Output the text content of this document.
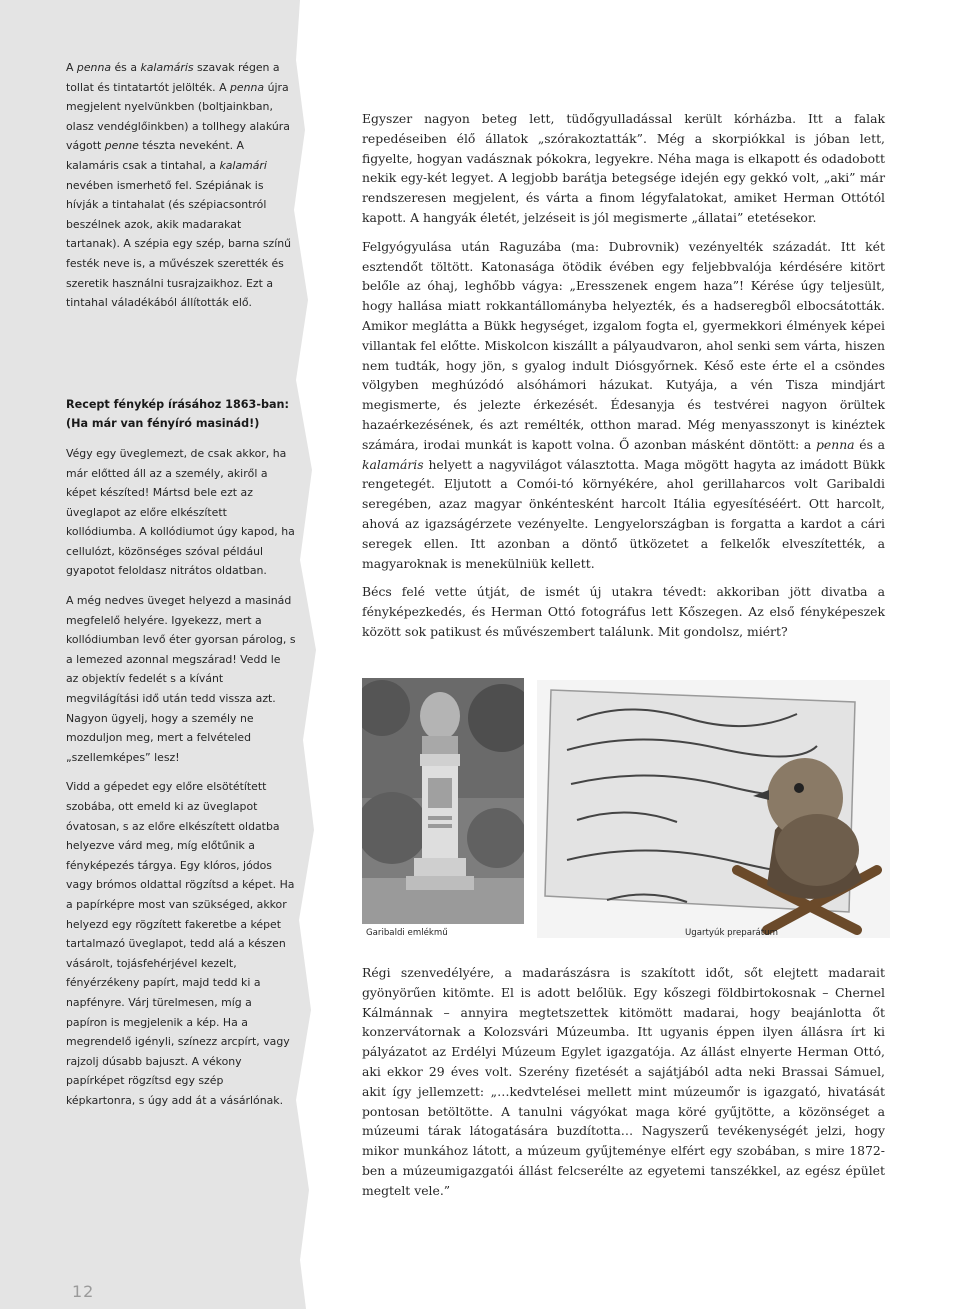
A penna és a kalamáris szavak régen a tollat és tintatartót jelölték. A penna újra megjelent nyelvünkben (boltjainkban, olasz vendéglőinkben) a tollhegy alakúra vágott penne tészta neveként. A kalamáris csak a tintahal, a kalamári nevében ismerhető fel. Szépiának is hívják a tintahalat (és szépiacsontról beszélnek azok, akik madarakat tartanak). A szépia egy szép, barna színű festék neve is, a művészek szerették és szeretik használni tusrajzaikhoz. Ezt a tintahal váladékából állították elő.

Recept fénykép írásához 1863-ban:
(Ha már van fényíró masinád!)

Végy egy üveglemezt, de csak akkor, ha már előtted áll az a személy, akiről a képet készíted! Mártsd bele ezt az üveglapot az előre elkészített kollódiumba. A kollódiumot úgy kapod, ha cellulózt, közönséges szóval például gyapotot feloldasz nitrátos oldatban.

A még nedves üveget helyezd a masinád megfelelő helyére. Igyekezz, mert a kollódiumban levő éter gyorsan párolog, s a lemezed azonnal megszárad! Vedd le az objektív fedelét s a kívánt megvilágítási idő után tedd vissza azt. Nagyon ügyelj, hogy a személy ne mozduljon meg, mert a felvételed „szellemképes” lesz!

Vidd a gépedet egy előre elsötétített szobába, ott emeld ki az üveglapot óvatosan, s az előre elkészített oldatba helyezve várd meg, míg előtűnik a fényképezés tárgya. Egy klóros, jódos vagy brómos oldattal rögzítsd a képet. Ha a papírképre most van szükséged, akkor helyezd egy rögzített fakeretbe a képet tartalmazó üveglapot, tedd alá a készen vásárolt, tojásfehérjével kezelt, fényérzékeny papírt, majd tedd ki a napfényre. Várj türelmesen, míg a papíron is megjelenik a kép. Ha a megrendelő igényli, színezz arcpírt, vagy rajzolj dúsabb bajuszt. A vékony papírképet rögzítsd egy szép képkartonra, s úgy add át a vásárlónak.

Egyszer nagyon beteg lett, tüdőgyulladással került kórházba. Itt a falak repedéseiben élő állatok „szórakoztatták”. Még a skorpiókkal is jóban lett, figyelte, hogyan vadásznak pókokra, legyekre. Néha maga is elkapott és odadobott nekik egy-két legyet. A legjobb barátja betegsége idején egy gekkó volt, „aki” már rendszeresen megjelent, és várta a finom légyfalatokat, amiket Herman Ottótól kapott. A hangyák életét, jelzéseit is jól megismerte „állatai” etetésekor.

Felgyógyulása után Raguzába (ma: Dubrovnik) vezényelték századát. Itt két esztendőt töltött. Katonasága ötödik évében egy feljebbvalója kérdésére kitört belőle az óhaj, leghőbb vágya: „Eresszenek engem haza”! Kérése úgy teljesült, hogy hallása miatt rokkantállományba helyezték, és a hadseregből elbocsátották. Amikor meglátta a Bükk hegységet, izgalom fogta el, gyermekkori élmények képei villantak fel előtte. Miskolcon kiszállt a pályaudvaron, ahol senki sem várta, hiszen nem tudták, hogy jön, s gyalog indult Diósgyőrnek. Késő este érte el a csöndes völgyben meghúzódó alsóhámori házukat. Kutyája, a vén Tisza mindjárt megismerte, és jelezte érkezését. Édesanyja és testvérei nagyon örültek hazaérkezésének, és azt remélték, otthon marad. Még menyasszonyt is kinéztek számára, irodai munkát is kapott volna. Ő azonban másként döntött: a penna és a kalamáris helyett a nagyvilágot választotta. Maga mögött hagyta az imádott Bükk rengetegét. Eljutott a Comói-tó környékére, ahol gerillaharcos volt Garibaldi seregében, azaz magyar önkéntesként harcolt Itália egyesítéséért. Ott harcolt, ahová az igazságérzete vezényelte. Lengyelországban is forgatta a kardot a cári seregek ellen. Itt azonban a döntő ütközetet a felkelők elveszítették, a magyaroknak is menekülniük kellett.

Bécs felé vette útját, de ismét új utakra tévedt: akkoriban jött divatba a fényképezkedés, és Herman Ottó fotográfus lett Kőszegen. Az első fényképeszek között sok patikust és művészembert találunk. Mit gondolsz, miért?

Garibaldi emlékmű	Ugartyúk preparátum

Régi szenvedélyére, a madarászásra is szakított időt, sőt elejtett madarait gyönyörűen kitömte. El is adott belőlük. Egy kőszegi földbirtokosnak – Chernel Kálmánnak – annyira megtetszettek kitömött madarai, hogy beajánlotta őt konzervátornak a Kolozsvári Múzeumba. Itt ugyanis éppen ilyen állásra írt ki pályázatot az Erdélyi Múzeum Egylet igazgatója. Az állást elnyerte Herman Ottó, aki ekkor 29 éves volt. Szerény fizetését a sajátjából adta neki Brassai Sámuel, akit így jellemzett: „…kedvtelései mellett mint múzeumőr is igazgató, hivatását pontosan betöltötte. A tanulni vágyókat maga köré gyűjtötte, a közönséget a múzeumi tárak látogatására buzdította… Nagyszerű tevékenységét jelzi, hogy mikor munkához látott, a múzeum gyűjteménye elfért egy szobában, s mire 1872-ben a múzeumigazgatói állást felcserélte az egyetemi tanszékkel, az egész épület megtelt vele.”

12
